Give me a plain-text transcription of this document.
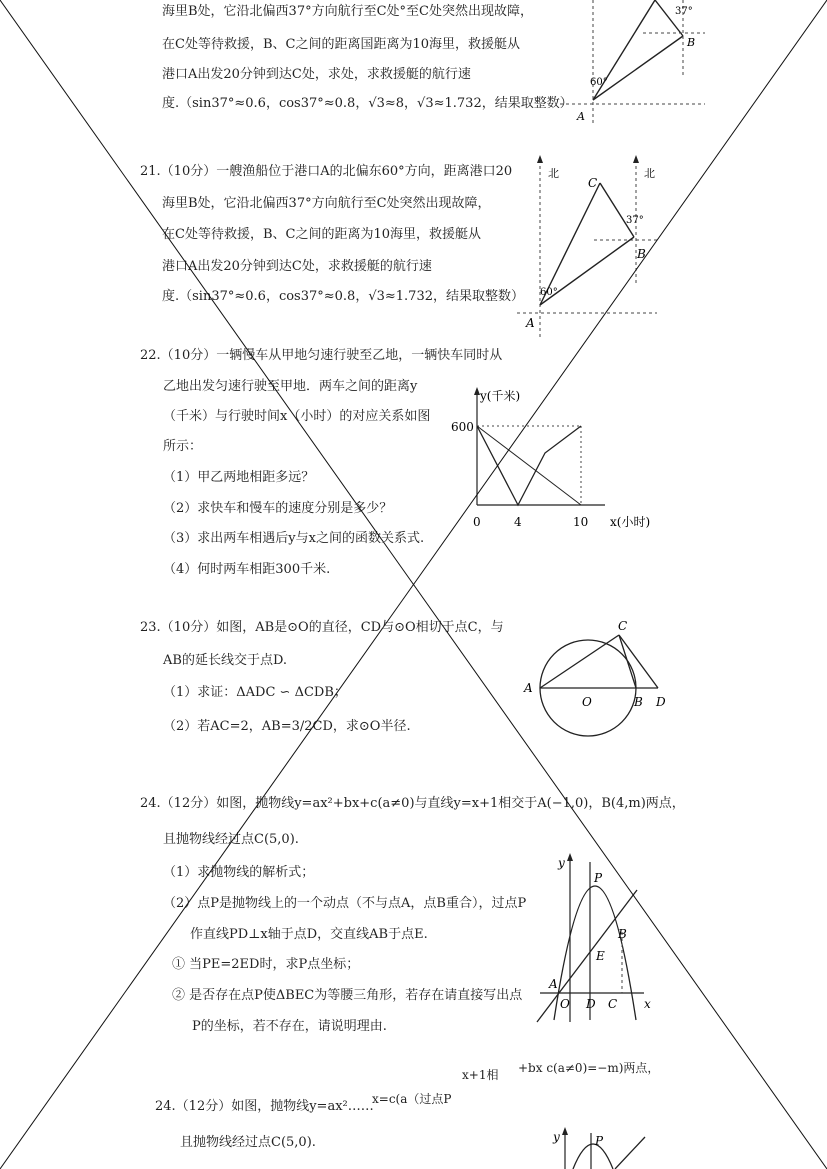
海里B处，它沿北偏西37°方向航行至C处°至C处突然出现故障，
在C处等待救援，B、C之间的距离国距离为10海里，救援艇从
港口A出发20分钟到达C处，求处，求救援艇的航行速
度.（sin37°≈0.6，cos37°≈0.8，√3≈8，√3≈1.732，结果取整数）
37°
B
60°
A
21.（10分）一艘渔船位于港口A的北偏东60°方向，距离港口20
海里B处，它沿北偏西37°方向航行至C处突然出现故障，
在C处等待救援，B、C之间的距离为10海里，救援艇从
港口A出发20分钟到达C处，求救援艇的航行速
度.（sin37°≈0.6，cos37°≈0.8，√3≈1.732，结果取整数）
北	北
C
37°
B
60°
A
22.（10分）一辆慢车从甲地匀速行驶至乙地，一辆快车同时从
乙地出发匀速行驶至甲地．两车之间的距离y
（千米）与行驶时间x（小时）的对应关系如图
所示：
（1）甲乙两地相距多远？
（2）求快车和慢车的速度分别是多少？
（3）求出两车相遇后y与x之间的函数关系式.
（4）何时两车相距300千米.
y(千米)
600
0	4	10 x(小时)
23.（10分）如图，AB是⊙O的直径，CD与⊙O相切于点C，与
AB的延长线交于点D.
（1）求证：ΔADC ∽ ΔCDB；
（2）若AC=2，AB=3/2CD，求⊙O半径.
A
C
O	B D
24.（12分）如图，抛物线y=ax²+bx+c(a≠0)与直线y=x+1相交于A(−1,0)，B(4,m)两点，
且抛物线经过点C(5,0).
（1）求抛物线的解析式；
（2）点P是抛物线上的一个动点（不与点A，点B重合），过点P
作直线PD⊥x轴于点D，交直线AB于点E.
① 当PE=2ED时，求P点坐标；
② 是否存在点P使ΔBEC为等腰三角形，若存在请直接写出点
P的坐标，若不存在，请说明理由.
y
P
B
E
A
O D C x
x+1相 +bx c(a≠0)=−m)两点，
24.（12分）如图，抛物线y=ax²……
x=c(a（过点P
且抛物线经过点C(5,0).	y	P
